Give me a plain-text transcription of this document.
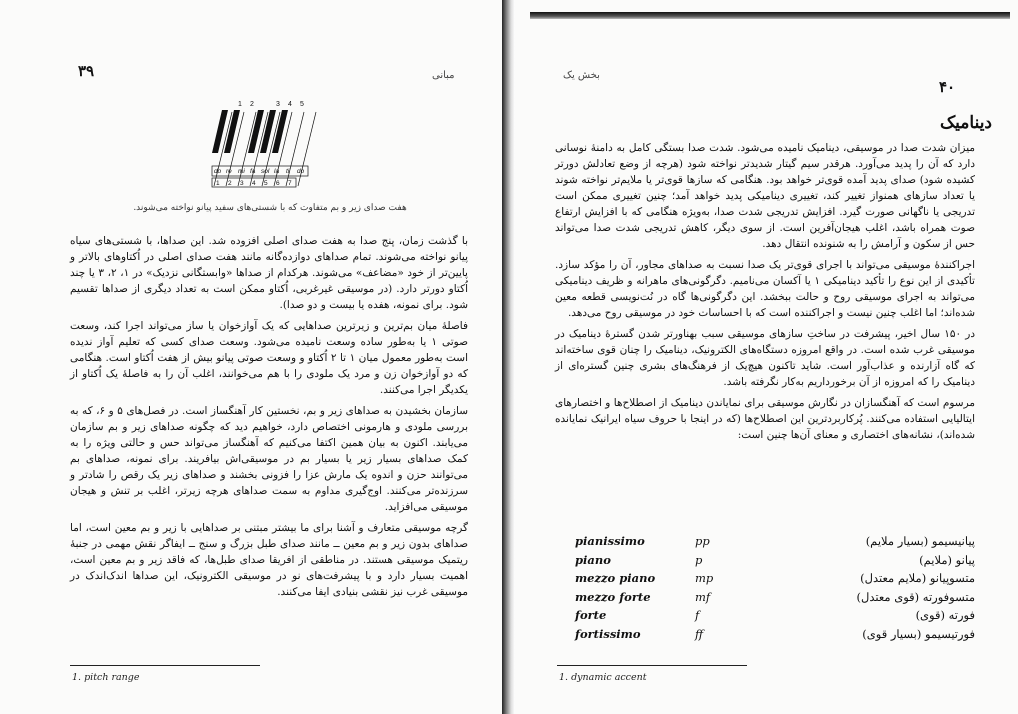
۳۹	مبانی
1 2	3 4 5
do re mi fa sol la ti do
1 2 3 4 5 6 7
هفت صدای زیر و بم متفاوت که با شستی‌های سفید پیانو نواخته می‌شوند.

با گذشت زمان، پنج صدا به هفت صدای اصلی افزوده شد. این صداها، با شستی‌های سیاه پیانو نواخته می‌شوند. تمام صداهای دوازده‌گانه مانند هفت صدای اصلی در اُکتاوهای بالاتر و پایین‌تر از خود «مضاعف» می‌شوند. هرکدام از صداها «وابستگانی نزدیک» در ۱، ۲، ۳ یا چند اُکتاو دورتر دارد. (در موسیقی غیرغربی، اُکتاو ممکن است به تعداد دیگری از صداها تقسیم شود. برای نمونه، هفده یا بیست و دو صدا).

فاصلهٔ میان بم‌ترین و زیرترین صداهایی که یک آوازخوان یا ساز می‌تواند اجرا کند، وسعت صوتی ۱ یا به‌طور ساده وسعت نامیده می‌شود. وسعت صدای کسی که تعلیم آواز ندیده است به‌طور معمول میان ۱ تا ۲ اُکتاو و وسعت صوتی پیانو بیش از هفت اُکتاو است. هنگامی که دو آوازخوان زن و مرد یک ملودی را با هم می‌خوانند، اغلب آن را به فاصلهٔ یک اُکتاو از یکدیگر اجرا می‌کنند.

سازمان بخشیدن به صداهای زیر و بم، نخستین کار آهنگساز است. در فصل‌های ۵ و ۶، که به بررسی ملودی و هارمونی اختصاص دارد، خواهیم دید که چگونه صداهای زیر و بم سازمان می‌یابند. اکنون به بیان همین اکتفا می‌کنیم که آهنگساز می‌تواند حس و حالتی ویژه را به کمک صداهای بسیار زیر یا بسیار بم در موسیقی‌اش بیافریند. برای نمونه، صداهای بم می‌توانند حزن و اندوه یک مارش عزا را فزونی بخشند و صداهای زیر یک رقص را شادتر و سرزنده‌تر می‌کنند. اوج‌گیری مداوم به سمت صداهای هرچه زیرتر، اغلب بر تنش و هیجان موسیقی می‌افزاید.

گرچه موسیقی متعارف و آشنا برای ما بیشتر مبتنی بر صداهایی با زیر و بم معین است، اما صداهای بدون زیر و بم معین ــ مانند صدای طبل بزرگ و سنج ــ ایفاگر نقش مهمی در جنبهٔ ریتمیک موسیقی هستند. در مناطقی از افریقا صدای طبل‌ها، که فاقد زیر و بم معین است، اهمیت بسیار دارد و با پیشرفت‌های نو در موسیقی الکترونیک، این صداها اندک‌اندک در موسیقی غرب نیز نقشی بنیادی ایفا می‌کنند.

1. pitch range
بخش یک
۴۰
دینامیک

میزان شدت صدا در موسیقی، دینامیک نامیده می‌شود. شدت صدا بستگی کامل به دامنهٔ نوسانی دارد که آن را پدید می‌آورد. هرقدر سیم گیتار شدیدتر نواخته شود (هرچه از وضع تعادلش دورتر کشیده شود) صدای پدید آمده قوی‌تر خواهد بود. هنگامی که سازها قوی‌تر یا ملایم‌تر نواخته شوند یا تعداد سازهای همنواز تغییر کند، تغییری دینامیکی پدید خواهد آمد؛ چنین تغییری ممکن است تدریجی یا ناگهانی صورت گیرد. افزایش تدریجی شدت صدا، به‌ویژه هنگامی که با افزایش ارتفاع صوت همراه باشد، اغلب هیجان‌آفرین است. از سوی دیگر، کاهش تدریجی شدت صدا می‌تواند حس از سکون و آرامش را به شنونده انتقال دهد.

اجراکنندهٔ موسیقی می‌تواند با اجرای قوی‌تر یک صدا نسبت به صداهای مجاور، آن را مؤکد سازد. تأکیدی از این نوع را تأکید دینامیکی ۱ یا آکسان می‌نامیم. دگرگونی‌های ماهرانه و ظریف دینامیکی می‌تواند به اجرای موسیقی روح و حالت ببخشد. این دگرگونی‌ها گاه در نُت‌نویسی قطعه معین شده‌اند؛ اما اغلب چنین نیست و اجراکننده است که با احساسات خود در موسیقی روح می‌دهد.

در ۱۵۰ سال اخیر، پیشرفت در ساختِ سازهای موسیقی سبب بهناورتر شدن گسترهٔ دینامیک در موسیقی غرب شده است. در واقع امروزه دستگاه‌های الکترونیک، دینامیک را چنان قوی ساخته‌اند که گاه آزارنده و عذاب‌آور است. شاید تاکنون هیچ‌یک از فرهنگ‌های بشری چنین گستره‌ای از دینامیک را که امروزه از آن برخورداریم به‌کار نگرفته باشد.

مرسوم است که آهنگسازان در نگارش موسیقی برای نمایاندن دینامیک از اصطلاح‌ها و اختصارهای ایتالیایی استفاده می‌کنند. پُرکاربردترین این اصطلاح‌ها (که در اینجا با حروف سیاه ایرانیک نمایانده شده‌اند)، نشانه‌های اختصاری و معنای آن‌ها چنین است:

pianissimo	pp	پیانیسیمو (بسیار ملایم)
piano	p	پیانو (ملایم)
mezzo piano	mp	متسوپیانو (ملایم معتدل)
mezzo forte	mf	متسوفورته (قوی معتدل)
forte	f	فورته (قوی)
fortissimo	ff	فورتیسیمو (بسیار قوی)
1. dynamic accent
